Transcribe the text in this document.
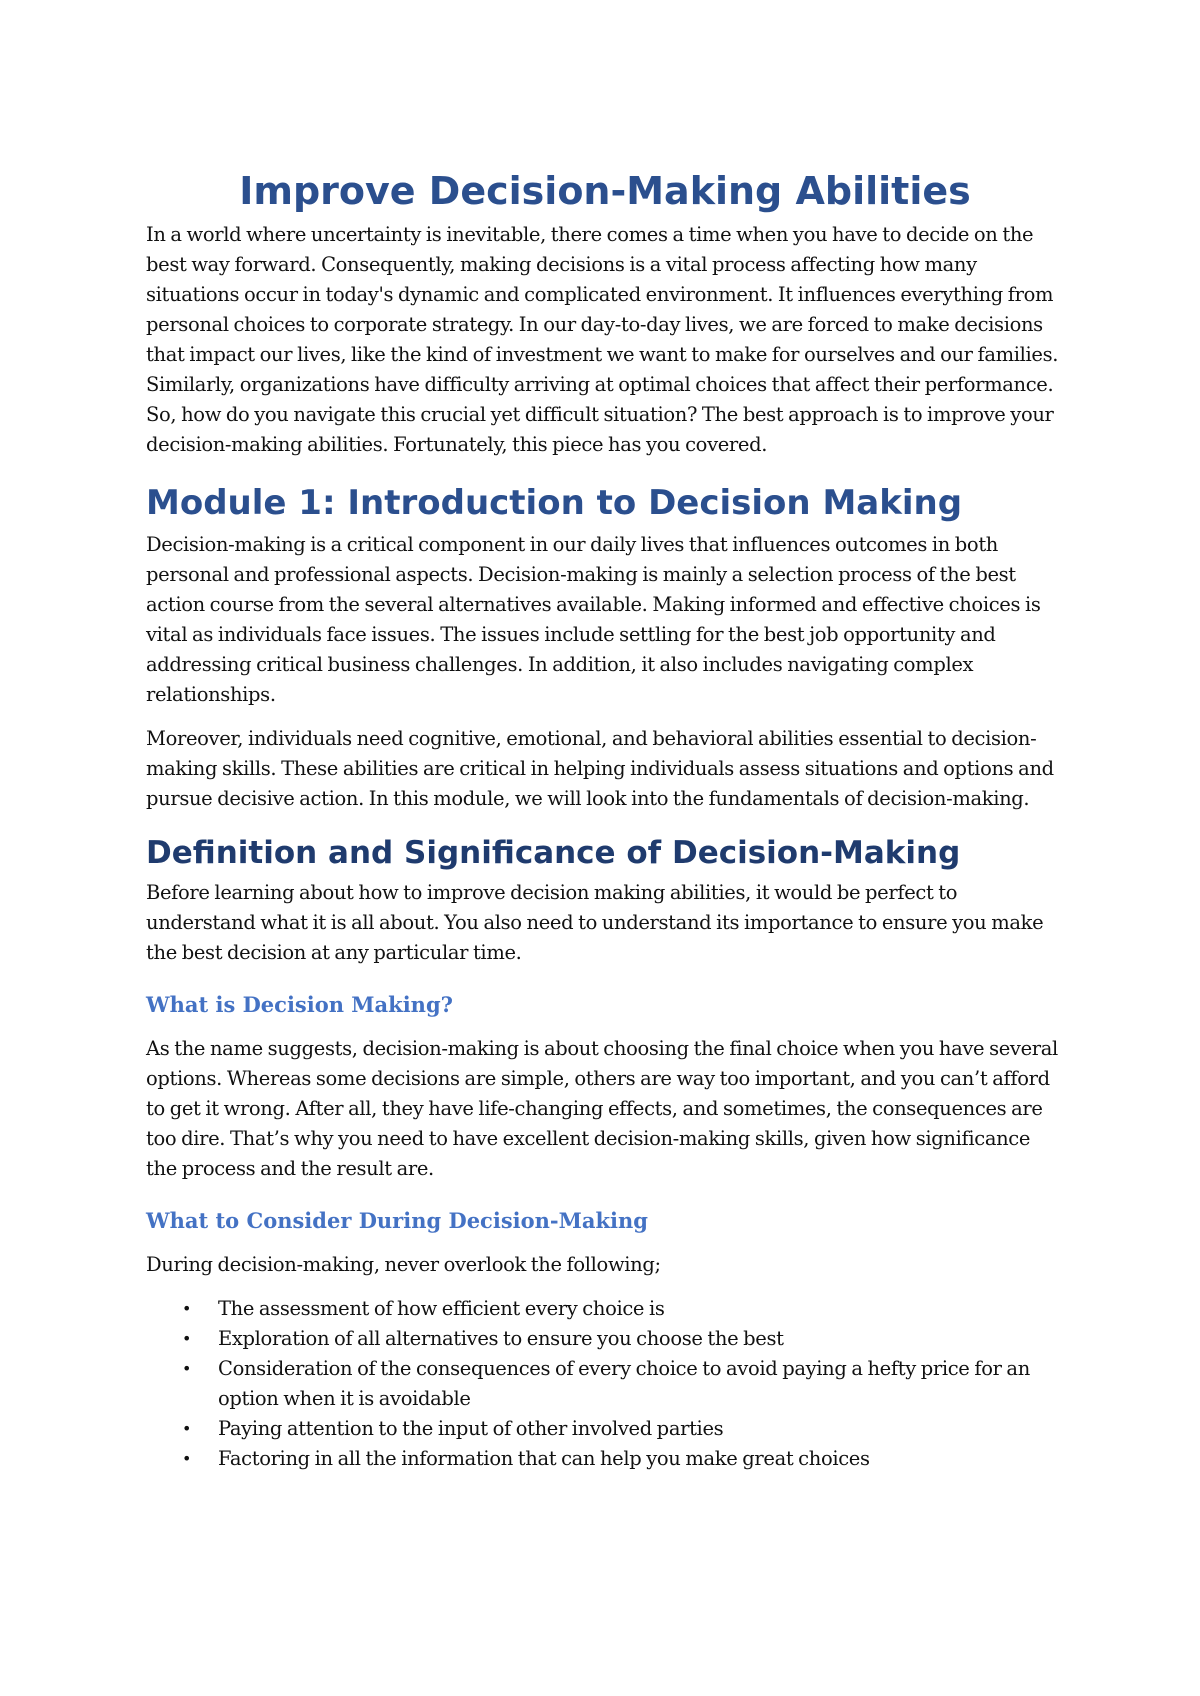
Improve Decision-Making Abilities

In a world where uncertainty is inevitable, there comes a time when you have to decide on the best way forward. Consequently, making decisions is a vital process affecting how many situations occur in today's dynamic and complicated environment. It influences everything from personal choices to corporate strategy. In our day-to-day lives, we are forced to make decisions that impact our lives, like the kind of investment we want to make for ourselves and our families. Similarly, organizations have difficulty arriving at optimal choices that affect their performance. So, how do you navigate this crucial yet difficult situation? The best approach is to improve your decision-making abilities. Fortunately, this piece has you covered.

Module 1: Introduction to Decision Making

Decision-making is a critical component in our daily lives that influences outcomes in both personal and professional aspects. Decision-making is mainly a selection process of the best action course from the several alternatives available. Making informed and effective choices is vital as individuals face issues. The issues include settling for the best job opportunity and addressing critical business challenges. In addition, it also includes navigating complex relationships.

Moreover, individuals need cognitive, emotional, and behavioral abilities essential to decision-making skills. These abilities are critical in helping individuals assess situations and options and pursue decisive action. In this module, we will look into the fundamentals of decision-making.

Definition and Significance of Decision-Making

Before learning about how to improve decision making abilities, it would be perfect to understand what it is all about. You also need to understand its importance to ensure you make the best decision at any particular time.

What is Decision Making?

As the name suggests, decision-making is about choosing the final choice when you have several options. Whereas some decisions are simple, others are way too important, and you can’t afford to get it wrong. After all, they have life-changing effects, and sometimes, the consequences are too dire. That’s why you need to have excellent decision-making skills, given how significance the process and the result are.

What to Consider During Decision-Making

During decision-making, never overlook the following;

• The assessment of how efficient every choice is
• Exploration of all alternatives to ensure you choose the best
• Consideration of the consequences of every choice to avoid paying a hefty price for an option when it is avoidable
• Paying attention to the input of other involved parties
• Factoring in all the information that can help you make great choices
